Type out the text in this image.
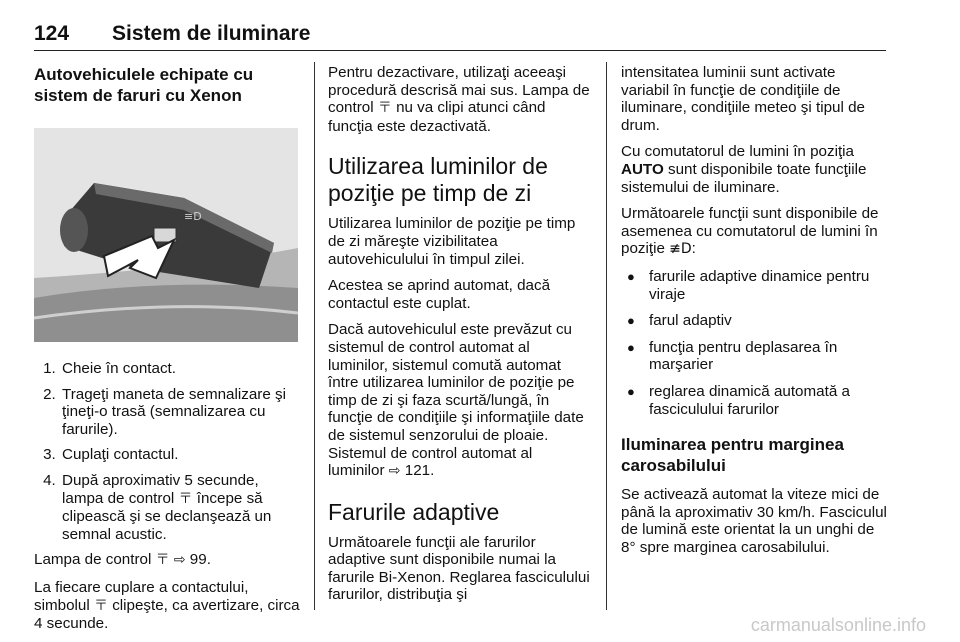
124 Sistem de iluminare
Autovehiculele echipate cu sistem de faruri cu Xenon
≡D
1. Cheie în contact.
2. Trageţi maneta de semnalizare şi ţineţi-o trasă (semnalizarea cu farurile).
3. Cuplaţi contactul.
4. După aproximativ 5 secunde, lampa de control 〒 începe să clipească şi se declanşează un semnal acustic.

Lampa de control 〒 ⇨ 99.

La fiecare cuplare a contactului, simbolul 〒 clipeşte, ca avertizare, circa 4 secunde.

Pentru dezactivare, utilizaţi aceeaşi procedură descrisă mai sus. Lampa de control 〒 nu va clipi atunci când funcţia este dezactivată.

Utilizarea luminilor de poziţie pe timp de zi

Utilizarea luminilor de poziţie pe timp de zi măreşte vizibilitatea autovehiculului în timpul zilei.

Acestea se aprind automat, dacă contactul este cuplat.

Dacă autovehiculul este prevăzut cu sistemul de control automat al luminilor, sistemul comută automat între utilizarea luminilor de poziţie pe timp de zi şi faza scurtă/lungă, în funcţie de condiţiile şi informaţiile date de sistemul senzorului de ploaie. Sistemul de control automat al luminilor ⇨ 121.

Farurile adaptive

Următoarele funcţii ale farurilor adaptive sunt disponibile numai la farurile Bi-Xenon. Reglarea fasciculului farurilor, distribuţia şi

intensitatea luminii sunt activate variabil în funcţie de condiţiile de iluminare, condiţiile meteo şi tipul de drum.

Cu comutatorul de lumini în poziţia AUTO sunt disponibile toate funcţiile sistemului de iluminare.

Următoarele funcţii sunt disponibile de asemenea cu comutatorul de lumini în poziţie ≢D:

● farurile adaptive dinamice pentru viraje
● farul adaptiv
● funcţia pentru deplasarea în marşarier
● reglarea dinamică automată a fasciculului farurilor
Iluminarea pentru marginea carosabilului

Se activează automat la viteze mici de până la aproximativ 30 km/h. Fasciculul de lumină este orientat la un unghi de 8° spre marginea carosabilului.

carmanualsonline.info
